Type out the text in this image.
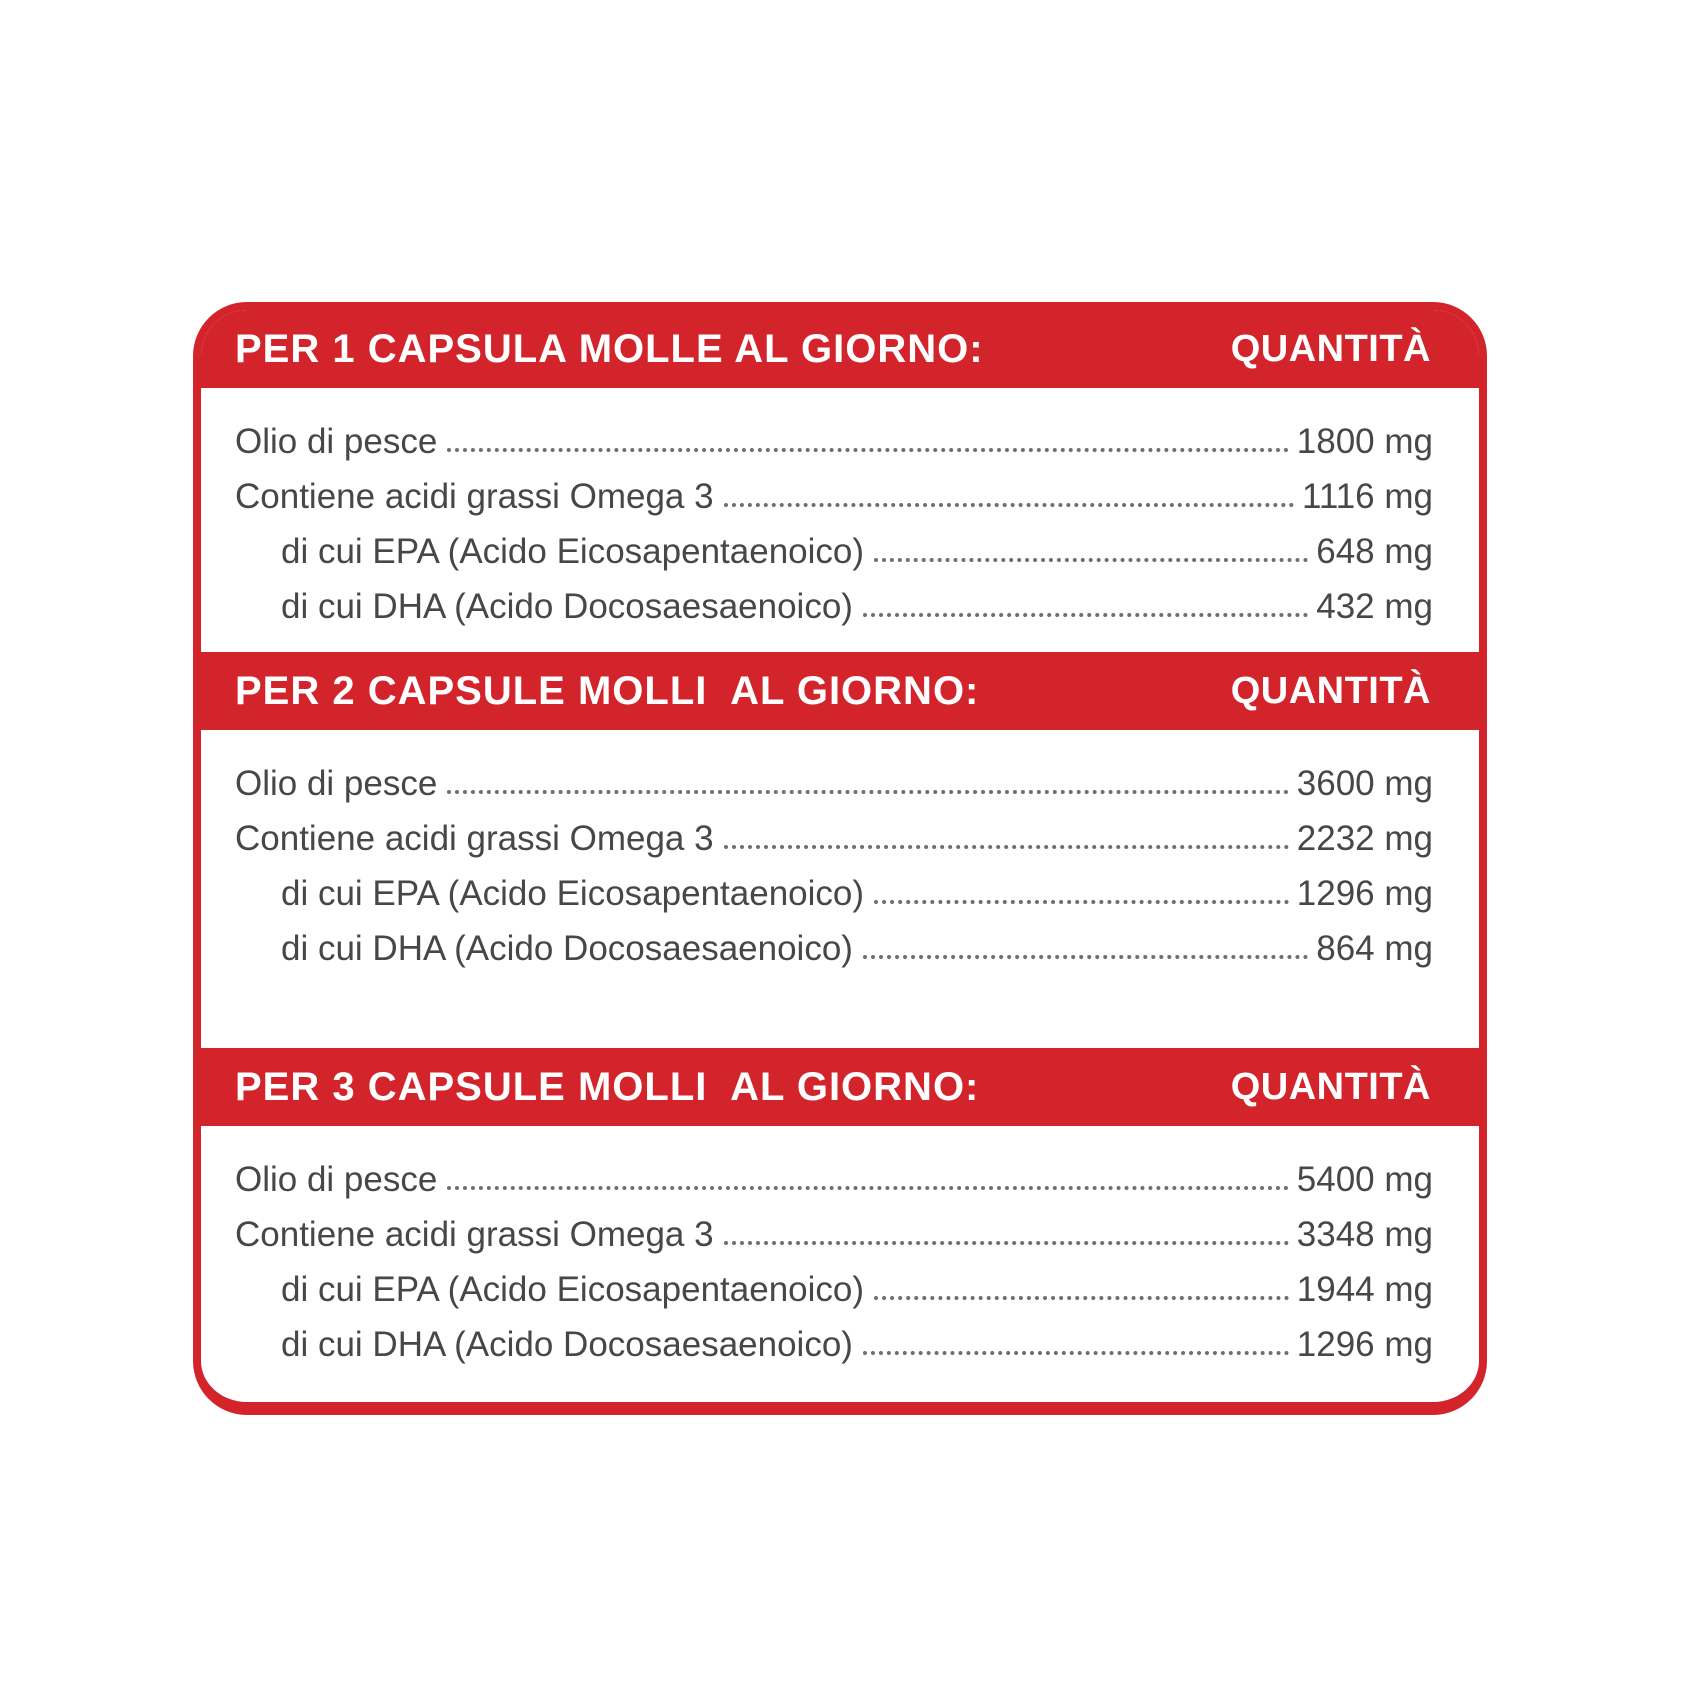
PER 1 CAPSULA MOLLE AL GIORNO:	QUANTITÀ
Olio di pesce	1800 mg
Contiene acidi grassi Omega 3	1116 mg
di cui EPA (Acido Eicosapentaenoico)	648 mg
di cui DHA (Acido Docosaesaenoico)	432 mg
PER 2 CAPSULE MOLLI  AL GIORNO:	QUANTITÀ
Olio di pesce	3600 mg
Contiene acidi grassi Omega 3	2232 mg
di cui EPA (Acido Eicosapentaenoico)	1296 mg
di cui DHA (Acido Docosaesaenoico)	864 mg
PER 3 CAPSULE MOLLI  AL GIORNO:	QUANTITÀ
Olio di pesce	5400 mg
Contiene acidi grassi Omega 3	3348 mg
di cui EPA (Acido Eicosapentaenoico)	1944 mg
di cui DHA (Acido Docosaesaenoico)	1296 mg
